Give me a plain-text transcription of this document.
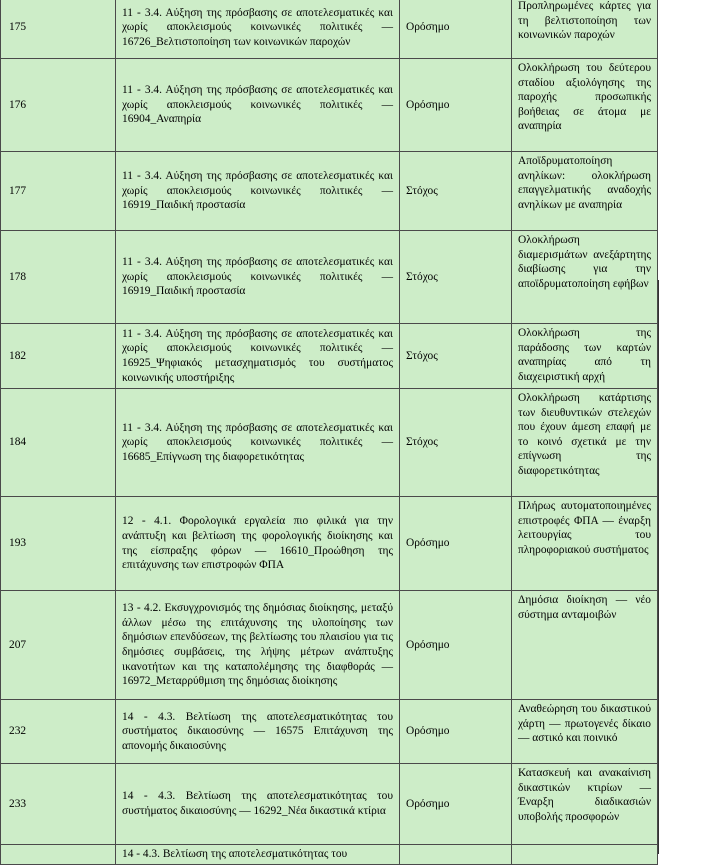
175	11 - 3.4. Αύξηση της πρόσβασης σε αποτελεσματικές και χωρίς αποκλεισμούς κοινωνικές πολιτικές — 16726_Βελτιστοποίηση των κοινωνικών παροχών	Ορόσημο	Προπληρωμένες κάρτες για τη βελτιστοποίηση των κοινωνικών παροχών
176	11 - 3.4. Αύξηση της πρόσβασης σε αποτελεσματικές και χωρίς αποκλεισμούς κοινωνικές πολιτικές — 16904_Αναπηρία	Ορόσημο	Ολοκλήρωση του δεύτερου σταδίου αξιολόγησης της παροχής προσωπικής βοήθειας σε άτομα με αναπηρία
177	11 - 3.4. Αύξηση της πρόσβασης σε αποτελεσματικές και χωρίς αποκλεισμούς κοινωνικές πολιτικές — 16919_Παιδική προστασία	Στόχος	Αποϊδρυματοποίηση ανηλίκων: ολοκλήρωση επαγγελματικής αναδοχής ανηλίκων με αναπηρία
178	11 - 3.4. Αύξηση της πρόσβασης σε αποτελεσματικές και χωρίς αποκλεισμούς κοινωνικές πολιτικές — 16919_Παιδική προστασία	Στόχος	Ολοκλήρωση διαμερισμάτων ανεξάρτητης διαβίωσης για την αποϊδρυματοποίηση εφήβων
182	11 - 3.4. Αύξηση της πρόσβασης σε αποτελεσματικές και χωρίς αποκλεισμούς κοινωνικές πολιτικές — 16925_Ψηφιακός μετασχηματισμός του συστήματος κοινωνικής υποστήριξης	Στόχος	Ολοκλήρωση της παράδοσης των καρτών αναπηρίας από τη διαχειριστική αρχή
184	11 - 3.4. Αύξηση της πρόσβασης σε αποτελεσματικές και χωρίς αποκλεισμούς κοινωνικές πολιτικές — 16685_Επίγνωση της διαφορετικότητας	Στόχος	Ολοκλήρωση κατάρτισης των διευθυντικών στελεχών που έχουν άμεση επαφή με το κοινό σχετικά με την επίγνωση της διαφορετικότητας
193	12 - 4.1. Φορολογικά εργαλεία πιο φιλικά για την ανάπτυξη και βελτίωση της φορολογικής διοίκησης και της είσπραξης φόρων — 16610_Προώθηση της επιτάχυνσης των επιστροφών ΦΠΑ	Ορόσημο	Πλήρως αυτοματοποιημένες επιστροφές ΦΠΑ — έναρξη λειτουργίας του πληροφοριακού συστήματος
207	13 - 4.2. Εκσυγχρονισμός της δημόσιας διοίκησης, μεταξύ άλλων μέσω της επιτάχυνσης της υλοποίησης των δημόσιων επενδύσεων, της βελτίωσης του πλαισίου για τις δημόσιες συμβάσεις, της λήψης μέτρων ανάπτυξης ικανοτήτων και της καταπολέμησης της διαφθοράς — 16972_Μεταρρύθμιση της δημόσιας διοίκησης	Ορόσημο	Δημόσια διοίκηση — νέο σύστημα ανταμοιβών
232	14 - 4.3. Βελτίωση της αποτελεσματικότητας του συστήματος δικαιοσύνης — 16575 Επιτάχυνση της απονομής δικαιοσύνης	Ορόσημο	Αναθεώρηση του δικαστικού χάρτη — πρωτογενές δίκαιο — αστικό και ποινικό
233	14 - 4.3. Βελτίωση της αποτελεσματικότητας του συστήματος δικαιοσύνης — 16292_Νέα δικαστικά κτίρια	Ορόσημο	Κατασκευή και ανακαίνιση δικαστικών κτιρίων — Έναρξη διαδικασιών υποβολής προσφορών
	14 - 4.3. Βελτίωση της αποτελεσματικότητας του		
